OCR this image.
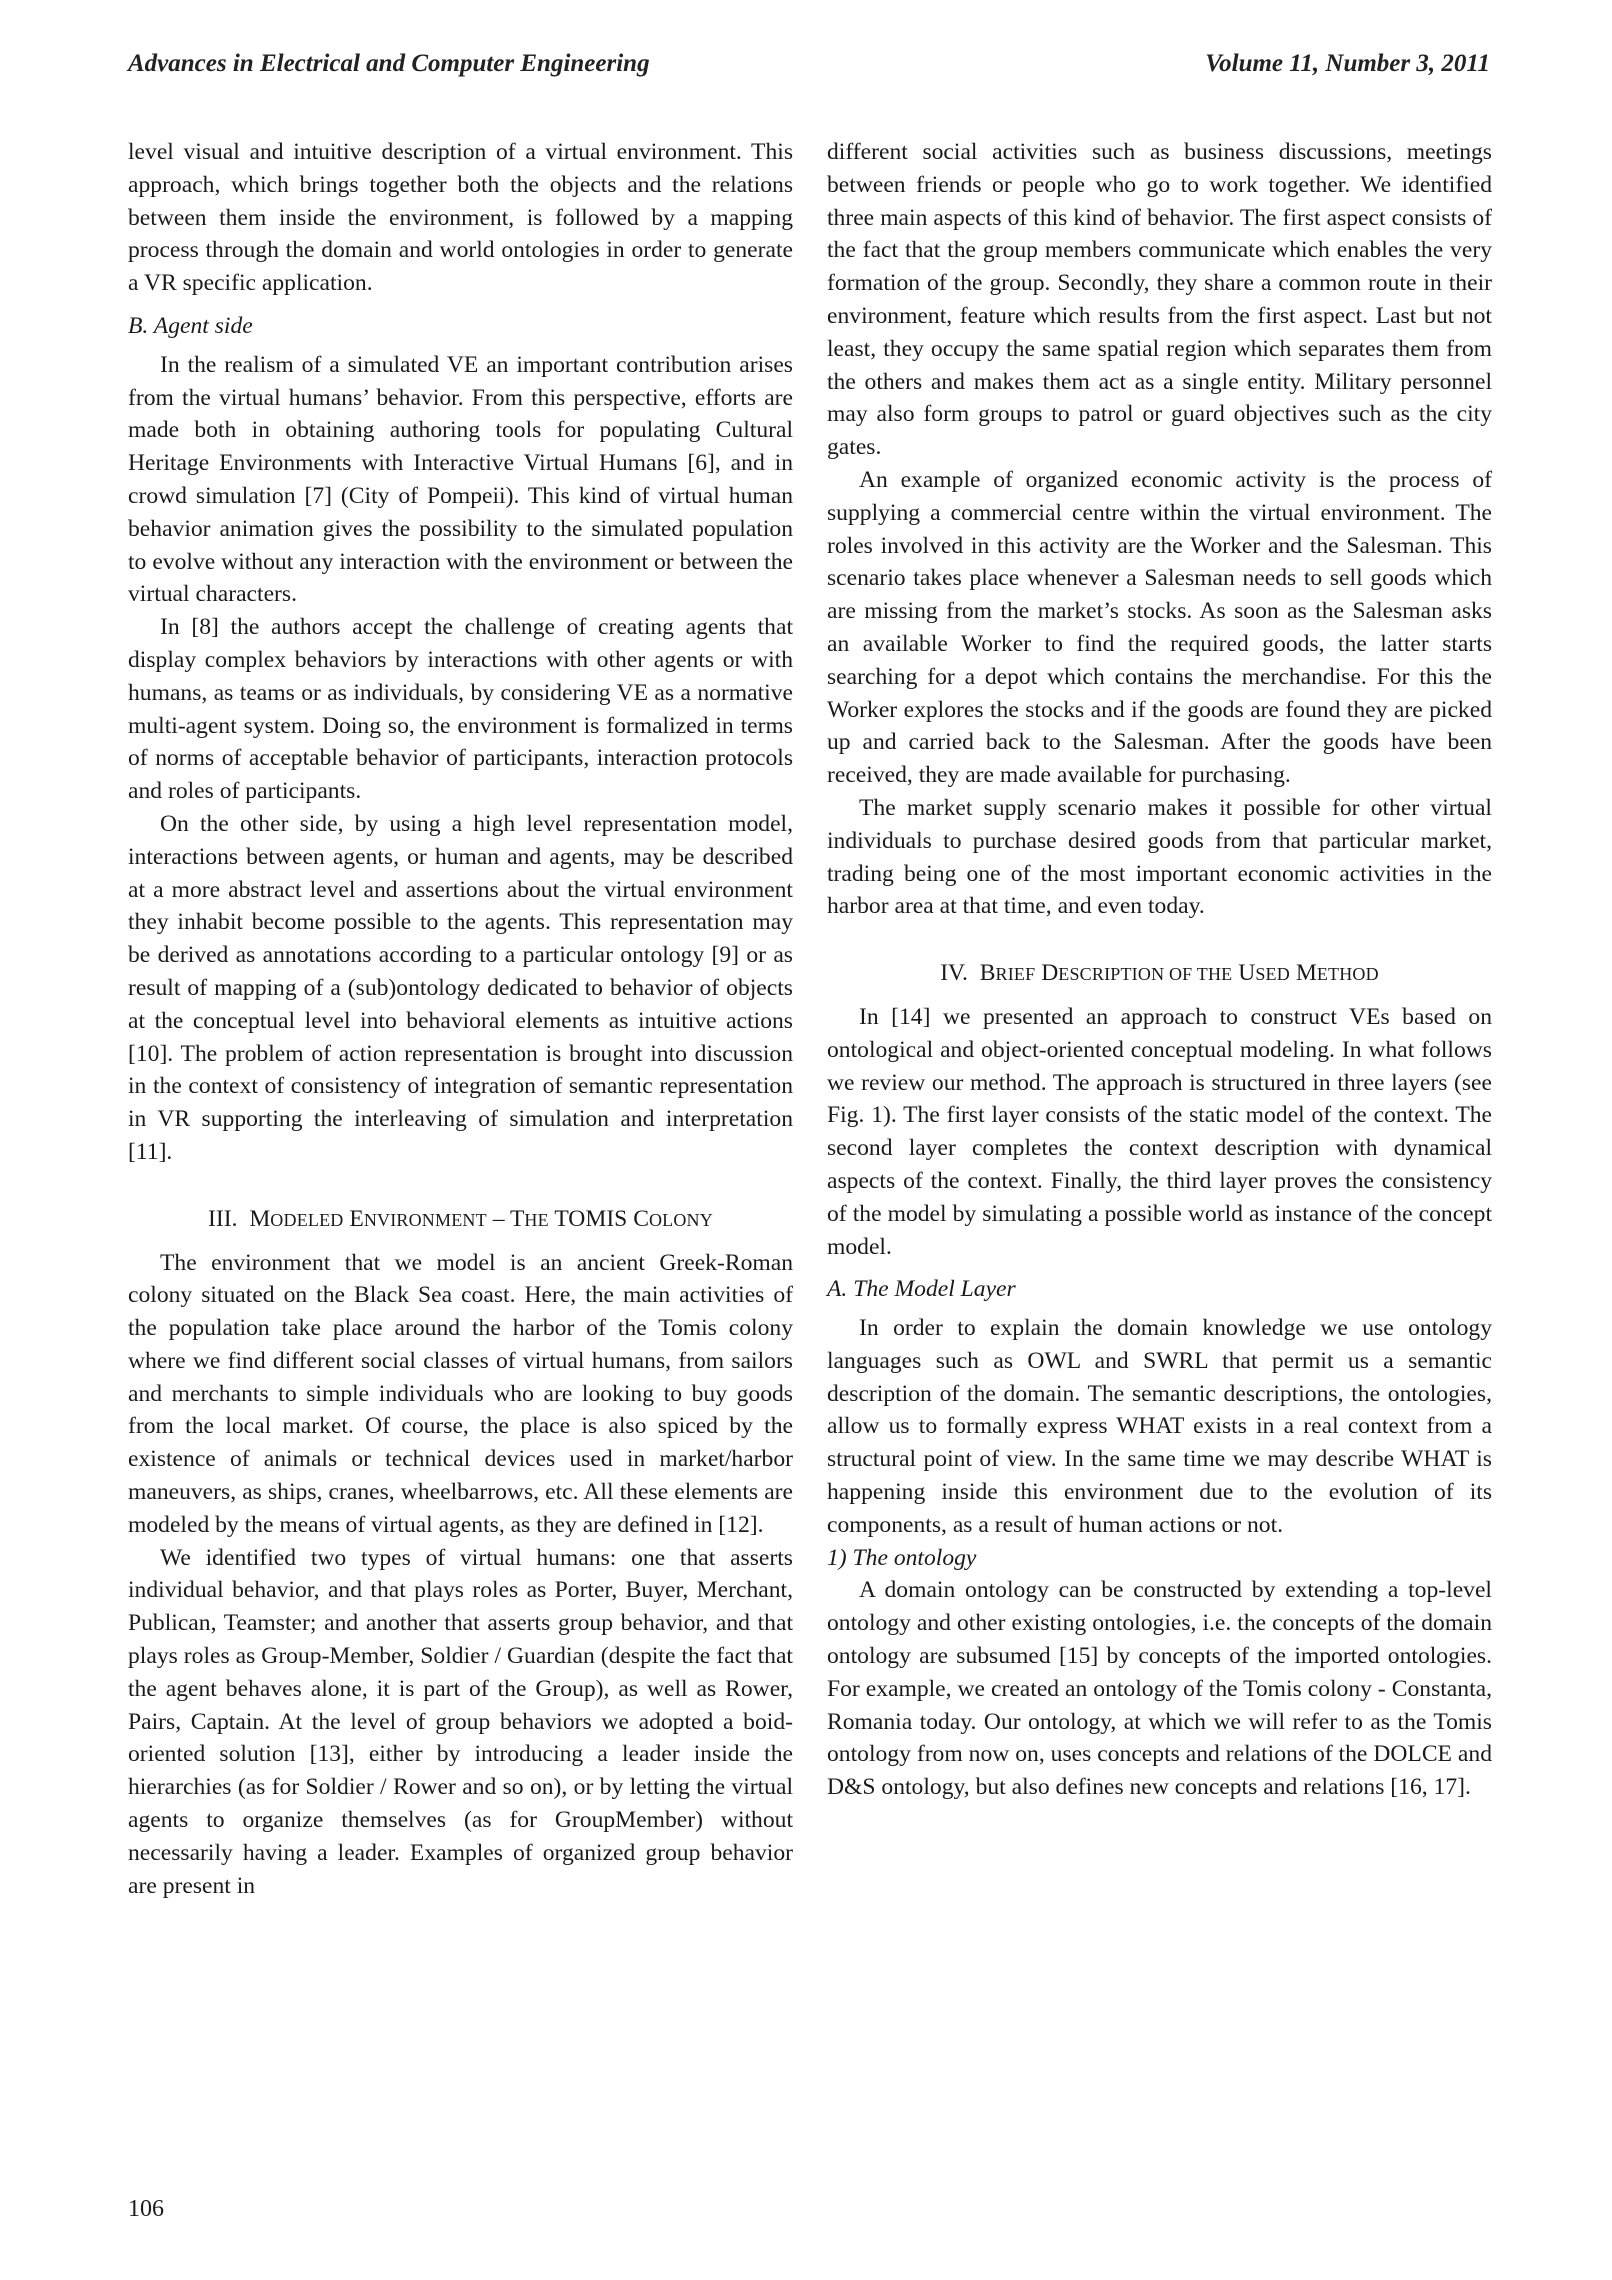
Advances in Electrical and Computer Engineering	Volume 11, Number 3, 2011

level visual and intuitive description of a virtual environment. This approach, which brings together both the objects and the relations between them inside the environment, is followed by a mapping process through the domain and world ontologies in order to generate a VR specific application.

B. Agent side

In the realism of a simulated VE an important contribution arises from the virtual humans’ behavior. From this perspective, efforts are made both in obtaining authoring tools for populating Cultural Heritage Environments with Interactive Virtual Humans [6], and in crowd simulation [7] (City of Pompeii). This kind of virtual human behavior animation gives the possibility to the simulated population to evolve without any interaction with the environment or between the virtual characters.

In [8] the authors accept the challenge of creating agents that display complex behaviors by interactions with other agents or with humans, as teams or as individuals, by considering VE as a normative multi-agent system. Doing so, the environment is formalized in terms of norms of acceptable behavior of participants, interaction protocols and roles of participants.

On the other side, by using a high level representation model, interactions between agents, or human and agents, may be described at a more abstract level and assertions about the virtual environment they inhabit become possible to the agents. This representation may be derived as annotations according to a particular ontology [9] or as result of mapping of a (sub)ontology dedicated to behavior of objects at the conceptual level into behavioral elements as intuitive actions [10]. The problem of action representation is brought into discussion in the context of consistency of integration of semantic representation in VR supporting the interleaving of simulation and interpretation [11].

III. MODELED ENVIRONMENT – THE TOMIS COLONY

The environment that we model is an ancient Greek-Roman colony situated on the Black Sea coast. Here, the main activities of the population take place around the harbor of the Tomis colony where we find different social classes of virtual humans, from sailors and merchants to simple individuals who are looking to buy goods from the local market. Of course, the place is also spiced by the existence of animals or technical devices used in market/harbor maneuvers, as ships, cranes, wheelbarrows, etc. All these elements are modeled by the means of virtual agents, as they are defined in [12].

We identified two types of virtual humans: one that asserts individual behavior, and that plays roles as Porter, Buyer, Merchant, Publican, Teamster; and another that asserts group behavior, and that plays roles as Group-Member, Soldier / Guardian (despite the fact that the agent behaves alone, it is part of the Group), as well as Rower, Pairs, Captain. At the level of group behaviors we adopted a boid-oriented solution [13], either by introducing a leader inside the hierarchies (as for Soldier / Rower and so on), or by letting the virtual agents to organize themselves (as for GroupMember) without necessarily having a leader. Examples of organized group behavior are present in

different social activities such as business discussions, meetings between friends or people who go to work together. We identified three main aspects of this kind of behavior. The first aspect consists of the fact that the group members communicate which enables the very formation of the group. Secondly, they share a common route in their environment, feature which results from the first aspect. Last but not least, they occupy the same spatial region which separates them from the others and makes them act as a single entity. Military personnel may also form groups to patrol or guard objectives such as the city gates.

An example of organized economic activity is the process of supplying a commercial centre within the virtual environment. The roles involved in this activity are the Worker and the Salesman. This scenario takes place whenever a Salesman needs to sell goods which are missing from the market’s stocks. As soon as the Salesman asks an available Worker to find the required goods, the latter starts searching for a depot which contains the merchandise. For this the Worker explores the stocks and if the goods are found they are picked up and carried back to the Salesman. After the goods have been received, they are made available for purchasing.

The market supply scenario makes it possible for other virtual individuals to purchase desired goods from that particular market, trading being one of the most important economic activities in the harbor area at that time, and even today.

IV. BRIEF DESCRIPTION OF THE USED METHOD

In [14] we presented an approach to construct VEs based on ontological and object-oriented conceptual modeling. In what follows we review our method. The approach is structured in three layers (see Fig. 1). The first layer consists of the static model of the context. The second layer completes the context description with dynamical aspects of the context. Finally, the third layer proves the consistency of the model by simulating a possible world as instance of the concept model.

A. The Model Layer

In order to explain the domain knowledge we use ontology languages such as OWL and SWRL that permit us a semantic description of the domain. The semantic descriptions, the ontologies, allow us to formally express WHAT exists in a real context from a structural point of view. In the same time we may describe WHAT is happening inside this environment due to the evolution of its components, as a result of human actions or not.

1) The ontology

A domain ontology can be constructed by extending a top-level ontology and other existing ontologies, i.e. the concepts of the domain ontology are subsumed [15] by concepts of the imported ontologies. For example, we created an ontology of the Tomis colony - Constanta, Romania today. Our ontology, at which we will refer to as the Tomis ontology from now on, uses concepts and relations of the DOLCE and D&S ontology, but also defines new concepts and relations [16, 17].

106
